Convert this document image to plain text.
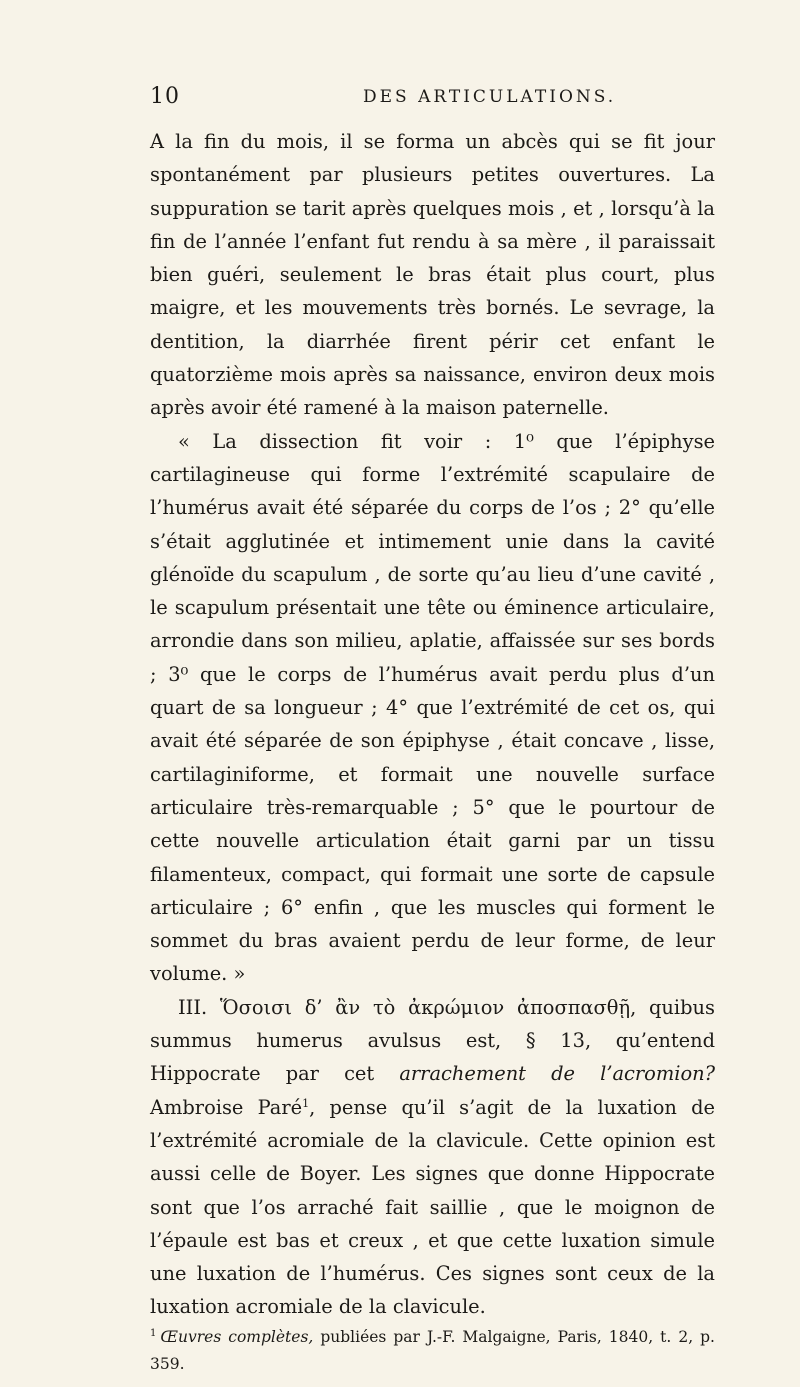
10	DES ARTICULATIONS.

A la fin du mois, il se forma un abcès qui se fit jour spontanément par plusieurs petites ouvertures. La suppuration se tarit après quelques mois , et , lorsqu’à la fin de l’année l’enfant fut rendu à sa mère , il paraissait bien guéri, seulement le bras était plus court, plus maigre, et les mouvements très bornés. Le sevrage, la dentition, la diarrhée firent périr cet enfant le quatorzième mois après sa naissance, environ deux mois après avoir été ramené à la maison paternelle.

« La dissection fit voir : 1⁰ que l’épiphyse cartilagineuse qui forme l’extrémité scapulaire de l’humérus avait été séparée du corps de l’os ; 2° qu’elle s’était agglutinée et intimement unie dans la cavité glénoïde du scapulum , de sorte qu’au lieu d’une cavité , le scapulum présentait une tête ou éminence articulaire, arrondie dans son milieu, aplatie, affaissée sur ses bords ; 3⁰ que le corps de l’humérus avait perdu plus d’un quart de sa longueur ; 4° que l’extrémité de cet os, qui avait été séparée de son épiphyse , était concave , lisse, cartilaginiforme, et formait une nouvelle surface articulaire très-remarquable ; 5° que le pourtour de cette nouvelle articulation était garni par un tissu filamenteux, compact, qui formait une sorte de capsule articulaire ; 6° enfin , que les muscles qui forment le sommet du bras avaient perdu de leur forme, de leur volume. »

III. Ὅσοισι δ’ ἂν τὸ ἀκρώμιον ἀποσπασθῇ, quibus summus humerus avulsus est, § 13, qu’entend Hippocrate par cet arrachement de l’acromion? Ambroise Paré$^1$, pense qu’il s’agit de la luxation de l’extrémité acromiale de la clavicule. Cette opinion est aussi celle de Boyer. Les signes que donne Hippocrate sont que l’os arraché fait saillie , que le moignon de l’épaule est bas et creux , et que cette luxation simule une luxation de l’humérus. Ces signes sont ceux de la luxation acromiale de la clavicule.

$^1$ Œuvres complètes, publiées par J.-F. Malgaigne, Paris, 1840, t. 2, p. 359.
